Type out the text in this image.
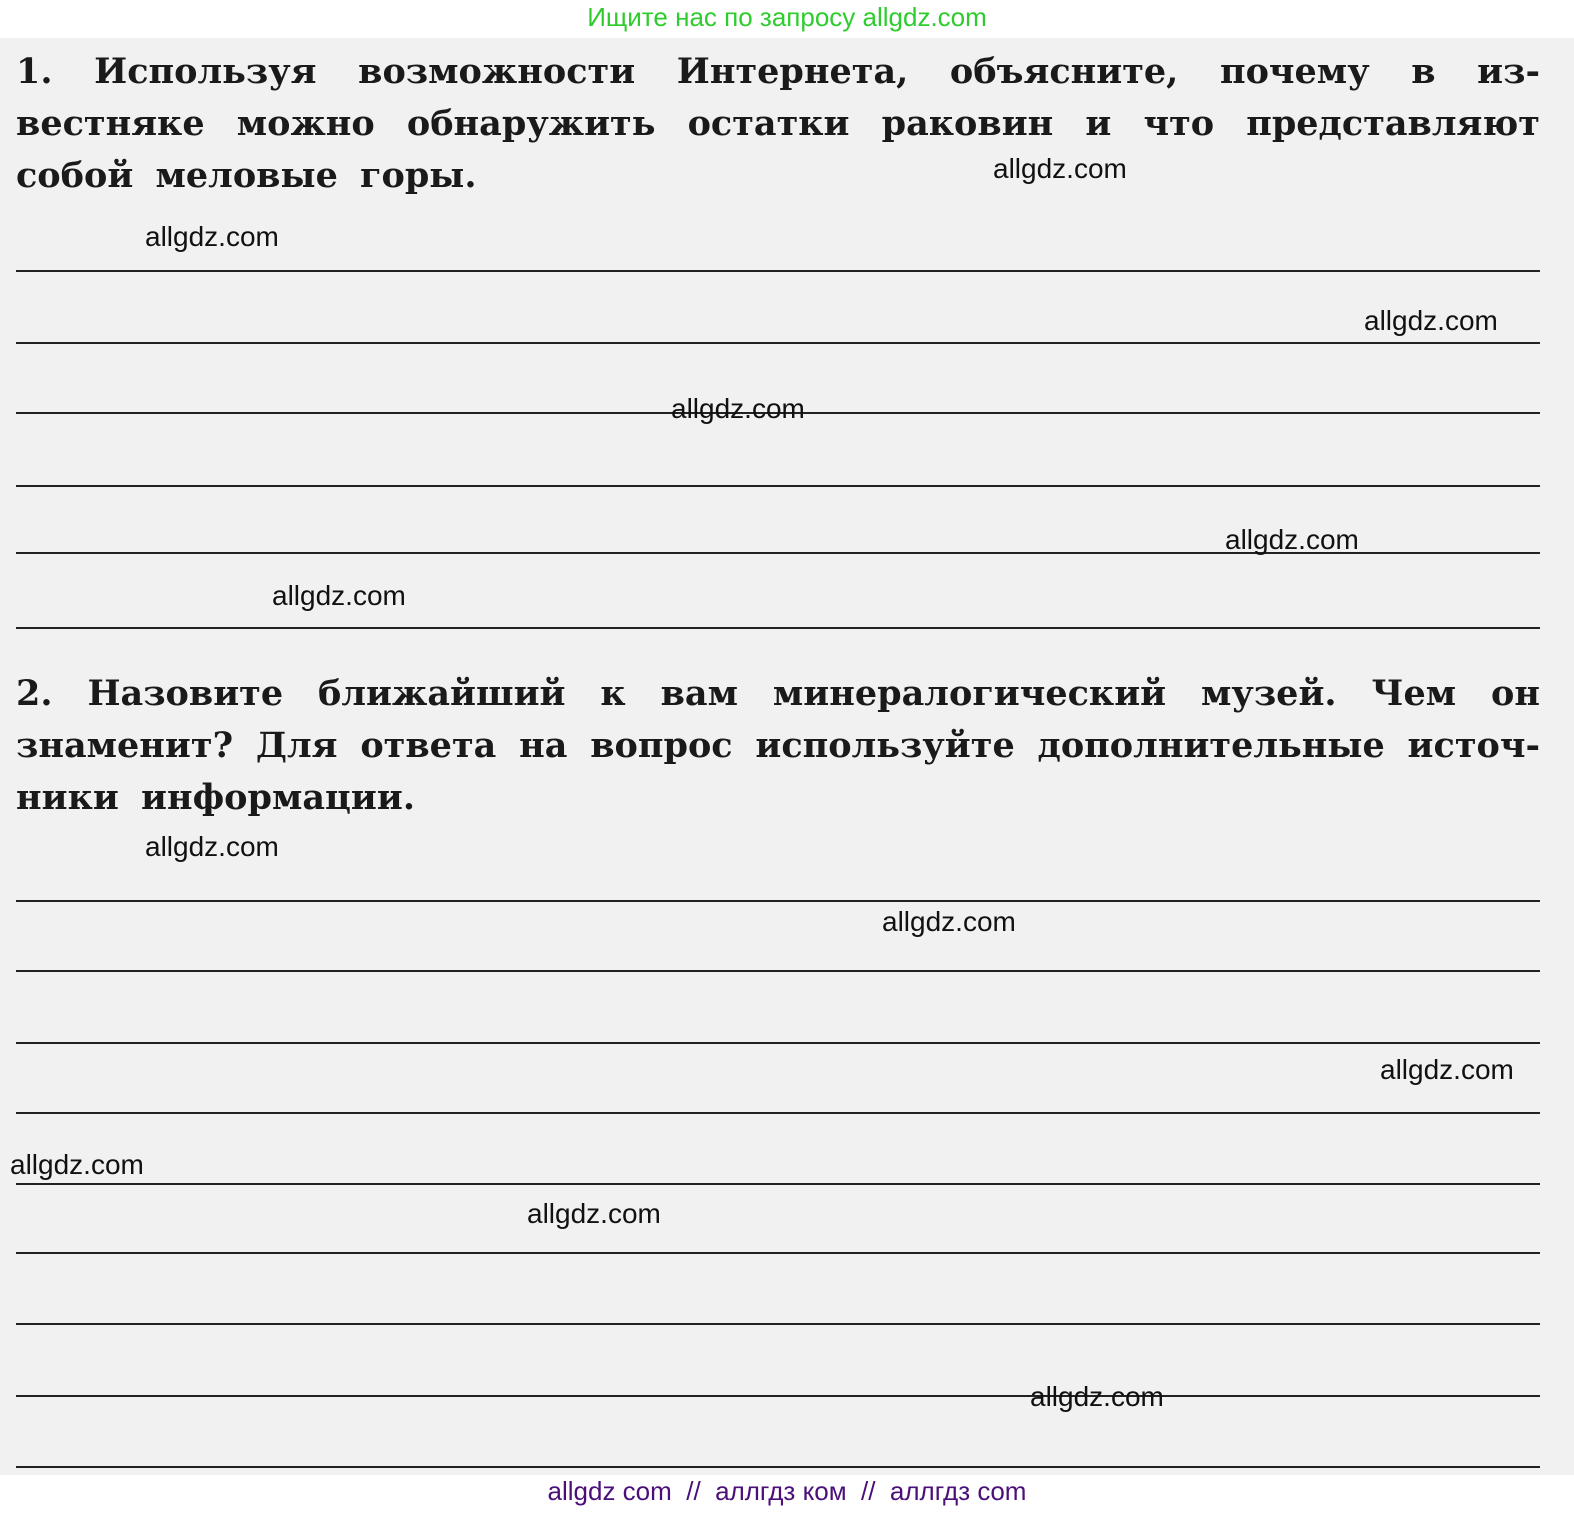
Ищите нас по запросу allgdz.com
1. Используя возможности Интернета, объясните, почему в из-
вестняке можно обнаружить остатки раковин и что представляют
собой меловые горы.
2. Назовите ближайший к вам минералогический музей. Чем он
знаменит? Для ответа на вопрос используйте дополнительные источ-
ники информации.
allgdz.com
allgdz.com
allgdz.com
allgdz.com
allgdz.com
allgdz.com
allgdz.com
allgdz.com
allgdz.com
allgdz.com
allgdz.com
allgdz.com
allgdz com  //  аллгдз ком  //  аллгдз com
